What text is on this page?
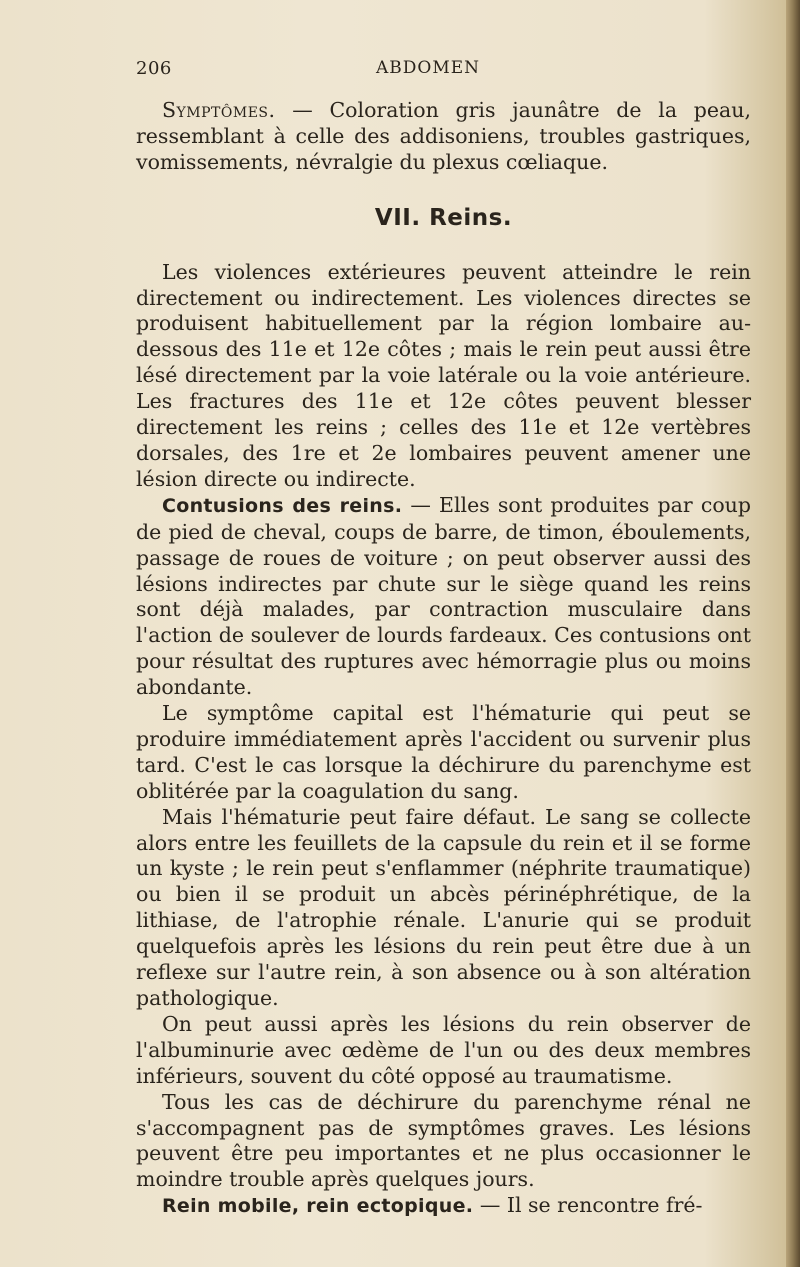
206	ABDOMEN

Symptômes. — Coloration gris jaunâtre de la peau, ressemblant à celle des addisoniens, troubles gastriques, vomissements, névralgie du plexus cœliaque.

VII. Reins.

Les violences extérieures peuvent atteindre le rein directement ou indirectement. Les violences directes se produisent habituellement par la région lombaire au-dessous des 11e et 12e côtes ; mais le rein peut aussi être lésé directement par la voie latérale ou la voie antérieure. Les fractures des 11e et 12e côtes peuvent blesser directement les reins ; celles des 11e et 12e vertèbres dorsales, des 1re et 2e lombaires peuvent amener une lésion directe ou indirecte.

Contusions des reins. — Elles sont produites par coup de pied de cheval, coups de barre, de timon, éboulements, passage de roues de voiture ; on peut observer aussi des lésions indirectes par chute sur le siège quand les reins sont déjà malades, par contraction musculaire dans l'action de soulever de lourds fardeaux. Ces contusions ont pour résultat des ruptures avec hémorragie plus ou moins abondante.

Le symptôme capital est l'hématurie qui peut se produire immédiatement après l'accident ou survenir plus tard. C'est le cas lorsque la déchirure du parenchyme est oblitérée par la coagulation du sang.

Mais l'hématurie peut faire défaut. Le sang se collecte alors entre les feuillets de la capsule du rein et il se forme un kyste ; le rein peut s'enflammer (néphrite traumatique) ou bien il se produit un abcès périnéphrétique, de la lithiase, de l'atrophie rénale. L'anurie qui se produit quelquefois après les lésions du rein peut être due à un reflexe sur l'autre rein, à son absence ou à son altération pathologique.

On peut aussi après les lésions du rein observer de l'albuminurie avec œdème de l'un ou des deux membres inférieurs, souvent du côté opposé au traumatisme.

Tous les cas de déchirure du parenchyme rénal ne s'accompagnent pas de symptômes graves. Les lésions peuvent être peu importantes et ne plus occasionner le moindre trouble après quelques jours.

Rein mobile, rein ectopique. — Il se rencontre fré-
